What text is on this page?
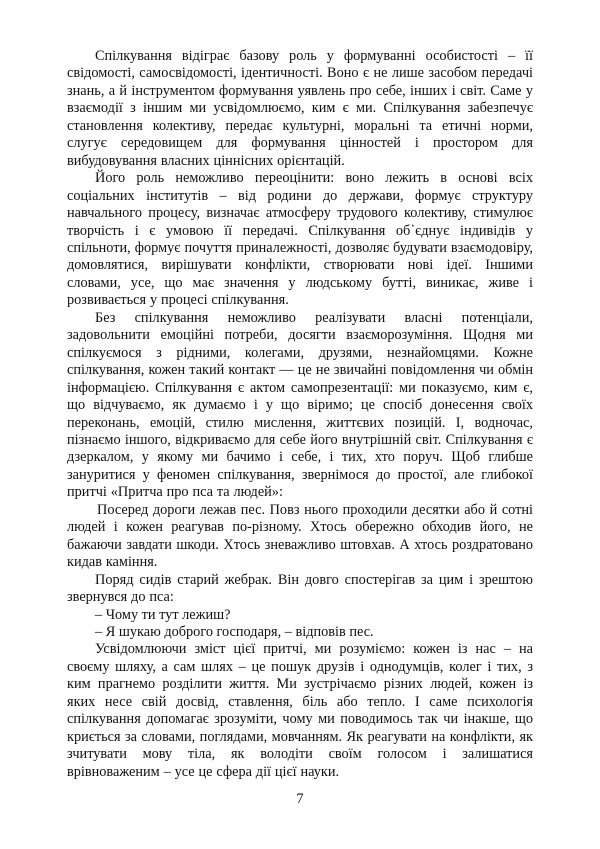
Спілкування відіграє базову роль у формуванні особистості – її свідомості, самосвідомості, ідентичності. Воно є не лише засобом передачі знань, а й інструментом формування уявлень про себе, інших і світ. Саме у взаємодії з іншим ми усвідомлюємо, ким є ми. Спілкування забезпечує становлення колективу, передає культурні, моральні та етичні норми, слугує середовищем для формування цінностей і простором для вибудовування власних ціннісних орієнтацій.

Його роль неможливо переоцінити: воно лежить в основі всіх соціальних інститутів – від родини до держави, формує структуру навчального процесу, визначає атмосферу трудового колективу, стимулює творчість і є умовою її передачі. Спілкування об᾽єднує індивідів у спільноти, формує почуття приналежності, дозволяє будувати взаємодовіру, домовлятися, вирішувати конфлікти, створювати нові ідеї. Іншими словами, усе, що має значення у людському бутті, виникає, живе і розвивається у процесі спілкування.

Без спілкування неможливо реалізувати власні потенціали, задовольнити емоційні потреби, досягти взаєморозуміння. Щодня ми спілкуємося з рідними, колегами, друзями, незнайомцями. Кожне спілкування, кожен такий контакт — це не звичайні повідомлення чи обмін інформацією. Спілкування є актом самопрезентації: ми показуємо, ким є, що відчуваємо, як думаємо і у що віримо; це спосіб донесення своїх переконань, емоцій, стилю мислення, життєвих позицій. І, водночас, пізнаємо іншого, відкриваємо для себе його внутрішній світ. Спілкування є дзеркалом, у якому ми бачимо і себе, і тих, хто поруч. Щоб глибше зануритися у феномен спілкування, звернімося до простої, але глибокої притчі «Притча про пса та людей»:

Посеред дороги лежав пес. Повз нього проходили десятки або й сотні людей і кожен реагував по-різному. Хтось обережно обходив його, не бажаючи завдати шкоди. Хтось зневажливо штовхав. А хтось роздратовано кидав каміння.

Поряд сидів старий жебрак. Він довго спостерігав за цим і зрештою звернувся до пса:

– Чому ти тут лежиш?

– Я шукаю доброго господаря, – відповів пес.

Усвідомлюючи зміст цієї притчі, ми розуміємо: кожен із нас – на своєму шляху, а сам шлях – це пошук друзів і однодумців, колег і тих, з ким прагнемо розділити життя. Ми зустрічаємо різних людей, кожен із яких несе свій досвід, ставлення, біль або тепло. І саме психологія спілкування допомагає зрозуміти, чому ми поводимось так чи інакше, що криється за словами, поглядами, мовчанням. Як реагувати на конфлікти, як зчитувати мову тіла, як володіти своїм голосом і залишатися врівноваженим – усе це сфера дії цієї науки.

7
